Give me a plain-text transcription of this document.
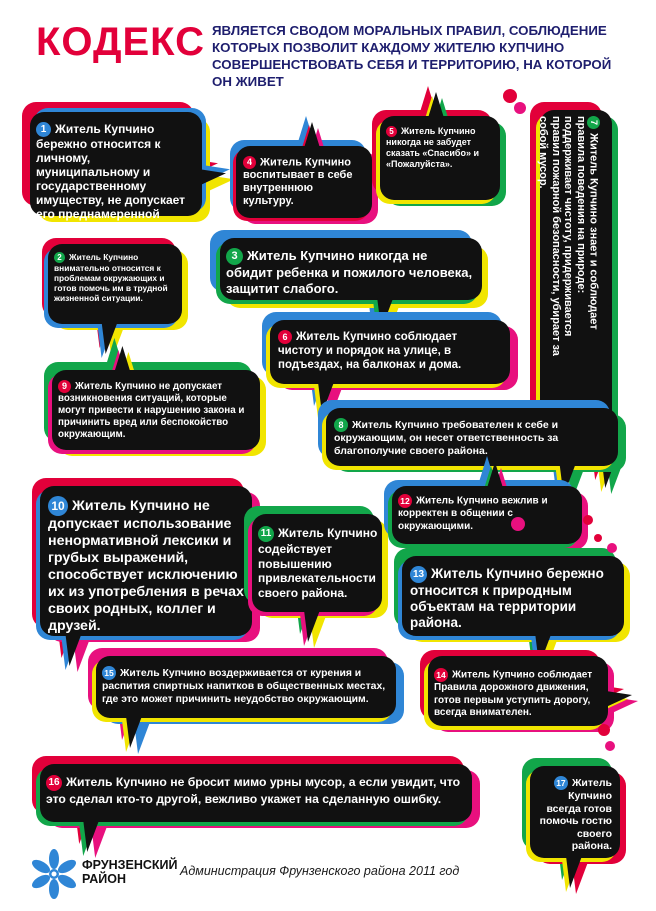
КОДЕКС ЯВЛЯЕТСЯ СВОДОМ МОРАЛЬНЫХ ПРАВИЛ, СОБЛЮДЕНИЕ КОТОРЫХ ПОЗВОЛИТ КАЖДОМУ ЖИТЕЛЮ КУПЧИНО СОВЕРШЕНСТВОВАТЬ СЕБЯ И ТЕРРИТОРИЮ, НА КОТОРОЙ ОН ЖИВЕТ
1 Житель Купчино бережно относится к личному, муниципальному и государственному имуществу, не допускает его преднамеренной порчи.
2 Житель Купчино внимательно относится к проблемам окружающих и готов помочь им в трудной жизненной ситуации.
3 Житель Купчино никогда не обидит ребенка и пожилого человека, защитит слабого.
4 Житель Купчино воспитывает в себе внутреннюю культуру.
5 Житель Купчино никогда не забудет сказать «Спасибо» и «Пожалуйста».
6 Житель Купчино соблюдает чистоту и порядок на улице, в подъездах, на балконах и дома.
7Житель Купчино знает и соблюдает правила поведения на природе: поддерживает чистоту, придерживается правил пожарной безопасности, убирает за собой мусор.
8 Житель Купчино требователен к себе и окружающим, он несет ответственность за благополучие своего района.
9 Житель Купчино не допускает возникновения ситуаций, которые могут привести к нарушению закона и причинить вред или беспокойство окружающим.
10 Житель Купчино не допускает использование ненормативной лексики и грубых выражений, способствует исключению их из употребления в речах своих родных, коллег и друзей.
11 Житель Купчино содействует повышению привлекательности своего района.
12 Житель Купчино вежлив и корректен в общении с окружающими.
13 Житель Купчино бережно относится к природным объектам на территории района.
14 Житель Купчино соблюдает Правила дорожного движения, готов первым уступить дорогу, всегда внимателен.
15 Житель Купчино воздерживается от курения и распития спиртных напитков в общественных местах, где это может причинить неудобство окружающим.
16 Житель Купчино не бросит мимо урны мусор, а если увидит, что это сделал кто-то другой, вежливо укажет на сделанную ошибку.
17 Житель Купчино всегда готов помочь гостю своего района.
ФРУНЗЕНСКИЙ
РАЙОН
Администрация Фрунзенского района 2011 год
